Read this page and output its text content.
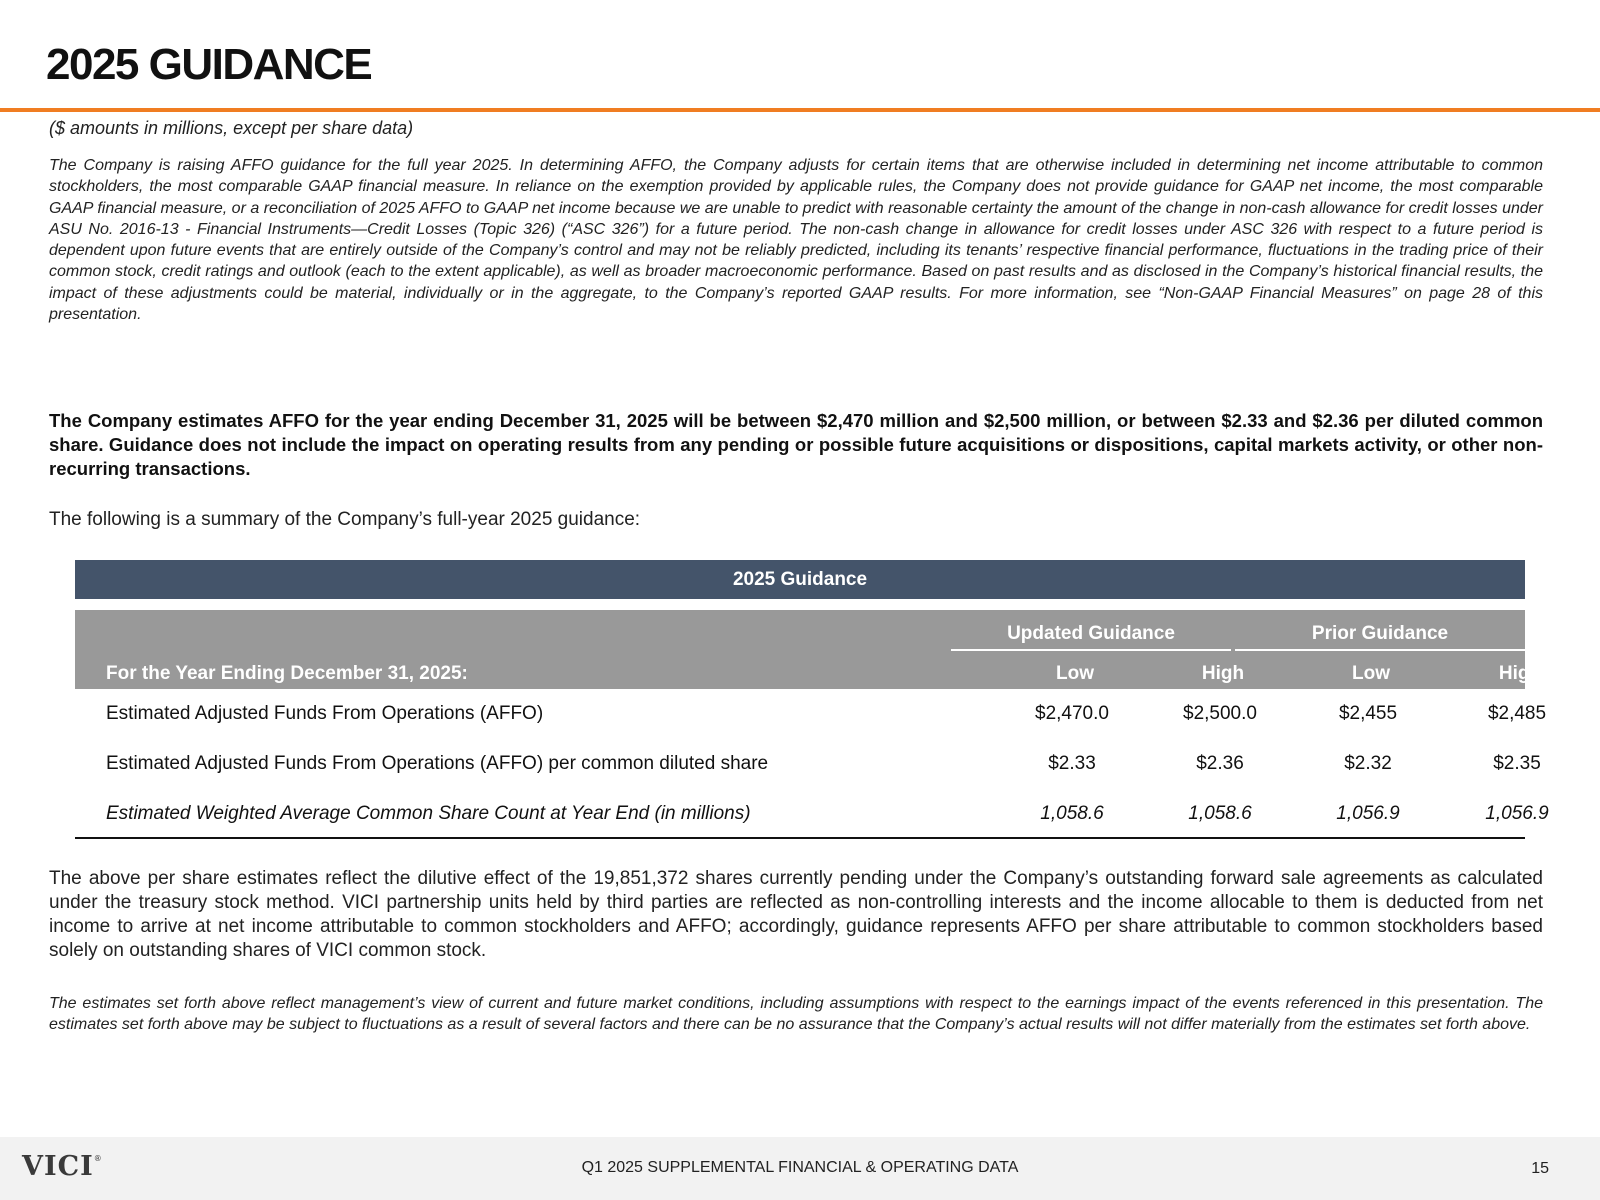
2025 GUIDANCE
($ amounts in millions, except per share data)

The Company is raising AFFO guidance for the full year 2025. In determining AFFO, the Company adjusts for certain items that are otherwise included in determining net income attributable to common stockholders, the most comparable GAAP financial measure. In reliance on the exemption provided by applicable rules, the Company does not provide guidance for GAAP net income, the most comparable GAAP financial measure, or a reconciliation of 2025 AFFO to GAAP net income because we are unable to predict with reasonable certainty the amount of the change in non-cash allowance for credit losses under ASU No. 2016-13 - Financial Instruments—Credit Losses (Topic 326) (“ASC 326”) for a future period. The non-cash change in allowance for credit losses under ASC 326 with respect to a future period is dependent upon future events that are entirely outside of the Company’s control and may not be reliably predicted, including its tenants’ respective financial performance, fluctuations in the trading price of their common stock, credit ratings and outlook (each to the extent applicable), as well as broader macroeconomic performance. Based on past results and as disclosed in the Company’s historical financial results, the impact of these adjustments could be material, individually or in the aggregate, to the Company’s reported GAAP results. For more information, see “Non-GAAP Financial Measures” on page 28 of this presentation.

The Company estimates AFFO for the year ending December 31, 2025 will be between $2,470 million and $2,500 million, or between $2.33 and $2.36 per diluted common share. Guidance does not include the impact on operating results from any pending or possible future acquisitions or dispositions, capital markets activity, or other non-recurring transactions.

The following is a summary of the Company’s full-year 2025 guidance:

2025 Guidance
Updated Guidance	Prior Guidance
For the Year Ending December 31, 2025:	Low	High	Low	High
Estimated Adjusted Funds From Operations (AFFO)	$2,470.0	$2,500.0	$2,455	$2,485
Estimated Adjusted Funds From Operations (AFFO) per common diluted share	$2.33	$2.36	$2.32	$2.35
Estimated Weighted Average Common Share Count at Year End (in millions)	1,058.6	1,058.6	1,056.9	1,056.9

The above per share estimates reflect the dilutive effect of the 19,851,372 shares currently pending under the Company’s outstanding forward sale agreements as calculated under the treasury stock method. VICI partnership units held by third parties are reflected as non-controlling interests and the income allocable to them is deducted from net income to arrive at net income attributable to common stockholders and AFFO; accordingly, guidance represents AFFO per share attributable to common stockholders based solely on outstanding shares of VICI common stock.

The estimates set forth above reflect management’s view of current and future market conditions, including assumptions with respect to the earnings impact of the events referenced in this presentation. The estimates set forth above may be subject to fluctuations as a result of several factors and there can be no assurance that the Company’s actual results will not differ materially from the estimates set forth above.

VICI®
Q1 2025 SUPPLEMENTAL FINANCIAL & OPERATING DATA	15
